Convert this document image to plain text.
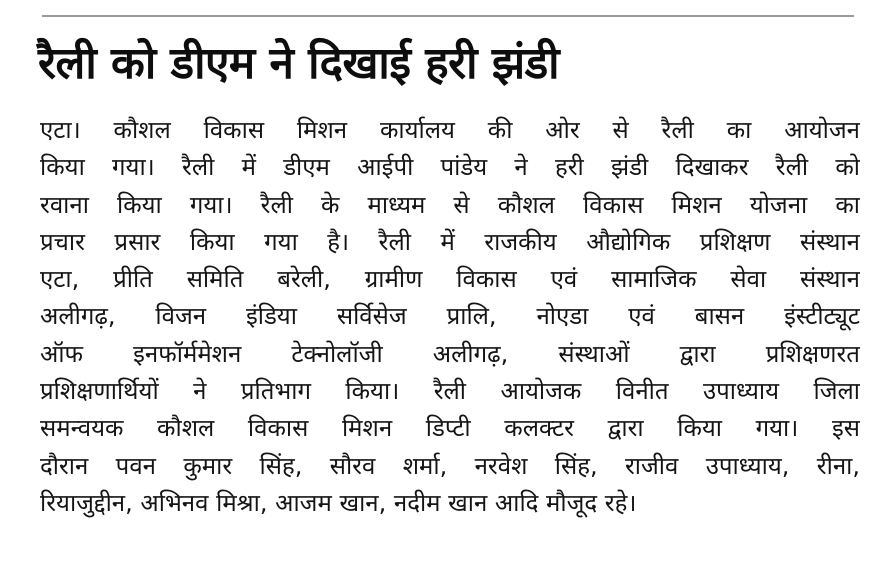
रैली को डीएम ने दिखाई हरी झंडी
एटा। कौशल विकास मिशन कार्यालय की ओर से रैली का आयोजन
किया गया। रैली में डीएम आईपी पांडेय ने हरी झंडी दिखाकर रैली को
रवाना किया गया। रैली के माध्यम से कौशल विकास मिशन योजना का
प्रचार प्रसार किया गया है। रैली में राजकीय औद्योगिक प्रशिक्षण संस्थान
एटा, प्रीति समिति बरेली, ग्रामीण विकास एवं सामाजिक सेवा संस्थान
अलीगढ़, विजन इंडिया सर्विसेज प्रालि, नोएडा एवं बासन इंस्टीट्यूट
ऑफ इनफॉर्ममेशन टेक्नोलॉजी अलीगढ़, संस्थाओं द्वारा प्रशिक्षणरत
प्रशिक्षणार्थियों ने प्रतिभाग किया। रैली आयोजक विनीत उपाध्याय जिला
समन्वयक कौशल विकास मिशन डिप्टी कलक्टर द्वारा किया गया। इस
दौरान पवन कुमार सिंह, सौरव शर्मा, नरवेश सिंह, राजीव उपाध्याय, रीना,
रियाजुद्दीन, अभिनव मिश्रा, आजम खान, नदीम खान आदि मौजूद रहे।
